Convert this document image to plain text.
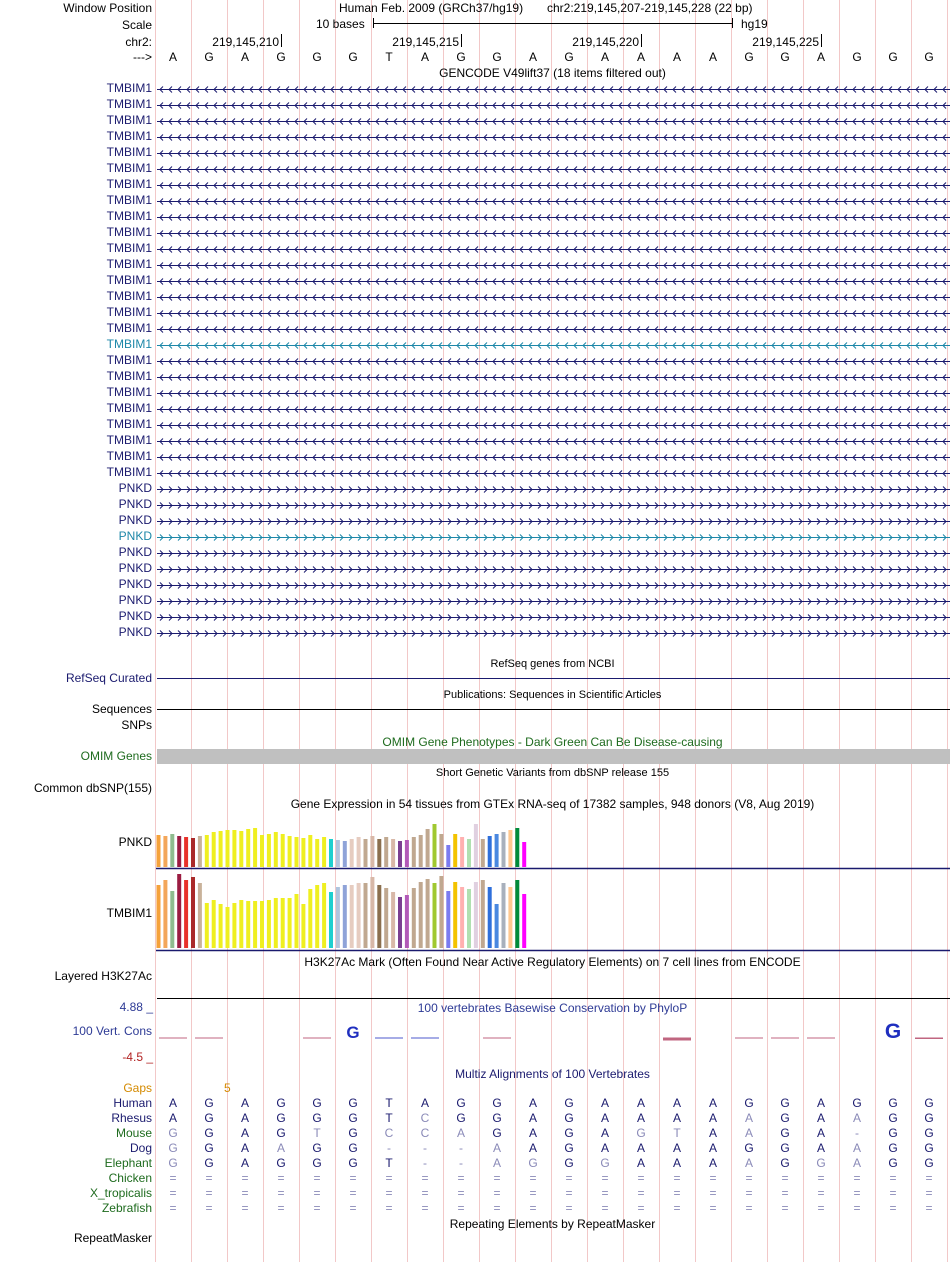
Window Position	Human Feb. 2009 (GRCh37/hg19) chr2:219,145,207-219,145,228 (22 bp)
Scale	10 bases	hg19
chr2:	219,145,210	219,145,215	219,145,220	219,145,225
--->	A	G	A	G	G	G	T	A	G	G	A	G	A	A	A	A	G	G	A	G	G	G
GENCODE V49lift37 (18 items filtered out)
TMBIM1
TMBIM1
TMBIM1
TMBIM1
TMBIM1
TMBIM1
TMBIM1
TMBIM1
TMBIM1
TMBIM1
TMBIM1
TMBIM1
TMBIM1
TMBIM1
TMBIM1
TMBIM1
TMBIM1
TMBIM1
TMBIM1
TMBIM1
TMBIM1
TMBIM1
TMBIM1
TMBIM1
TMBIM1
PNKD
PNKD
PNKD
PNKD
PNKD
PNKD
PNKD
PNKD
PNKD
PNKD
RefSeq genes from NCBI
RefSeq Curated
Publications: Sequences in Scientific Articles
Sequences
SNPs
OMIM Gene Phenotypes - Dark Green Can Be Disease-causing
OMIM Genes
Short Genetic Variants from dbSNP release 155
Common dbSNP(155)
Gene Expression in 54 tissues from GTEx RNA-seq of 17382 samples, 948 donors (V8, Aug 2019)
PNKD
TMBIM1
H3K27Ac Mark (Often Found Near Active Regulatory Elements) on 7 cell lines from ENCODE
Layered H3K27Ac
100 vertebrates Basewise Conservation by PhyloP
4.88 _
100 Vert. Cons
-4.5 _
G	G
Multiz Alignments of 100 Vertebrates
Gaps	5
Human	A	G	A	G	G	G	T	A	G	G	A	G	A	A	A	A	G	G	A	G	G	G
Rhesus	A	G	A	G	G	G	T	C	G	G	A	G	A	A	A	A	A	G	A	A	G	G
Mouse	G	G	A	G	T	G	C	C	A	G	A	G	A	G	T	A	A	G	A	-	G	G
Dog	G	G	A	A	G	G	-	-	-	A	A	G	A	A	A	A	G	G	A	A	G	G
Elephant	G	G	A	G	G	G	T	-	-	A	G	G	G	A	A	A	A	G	G	A	G	G
Chicken	=	=	=	=	=	=	=	=	=	=	=	=	=	=	=	=	=	=	=	=	=	=
X_tropicalis	=	=	=	=	=	=	=	=	=	=	=	=	=	=	=	=	=	=	=	=	=	=
Zebrafish	=	=	=	=	=	=	=	=	=	=	=	=	=	=	=	=	=	=	=	=	=	=
Repeating Elements by RepeatMasker
RepeatMasker
